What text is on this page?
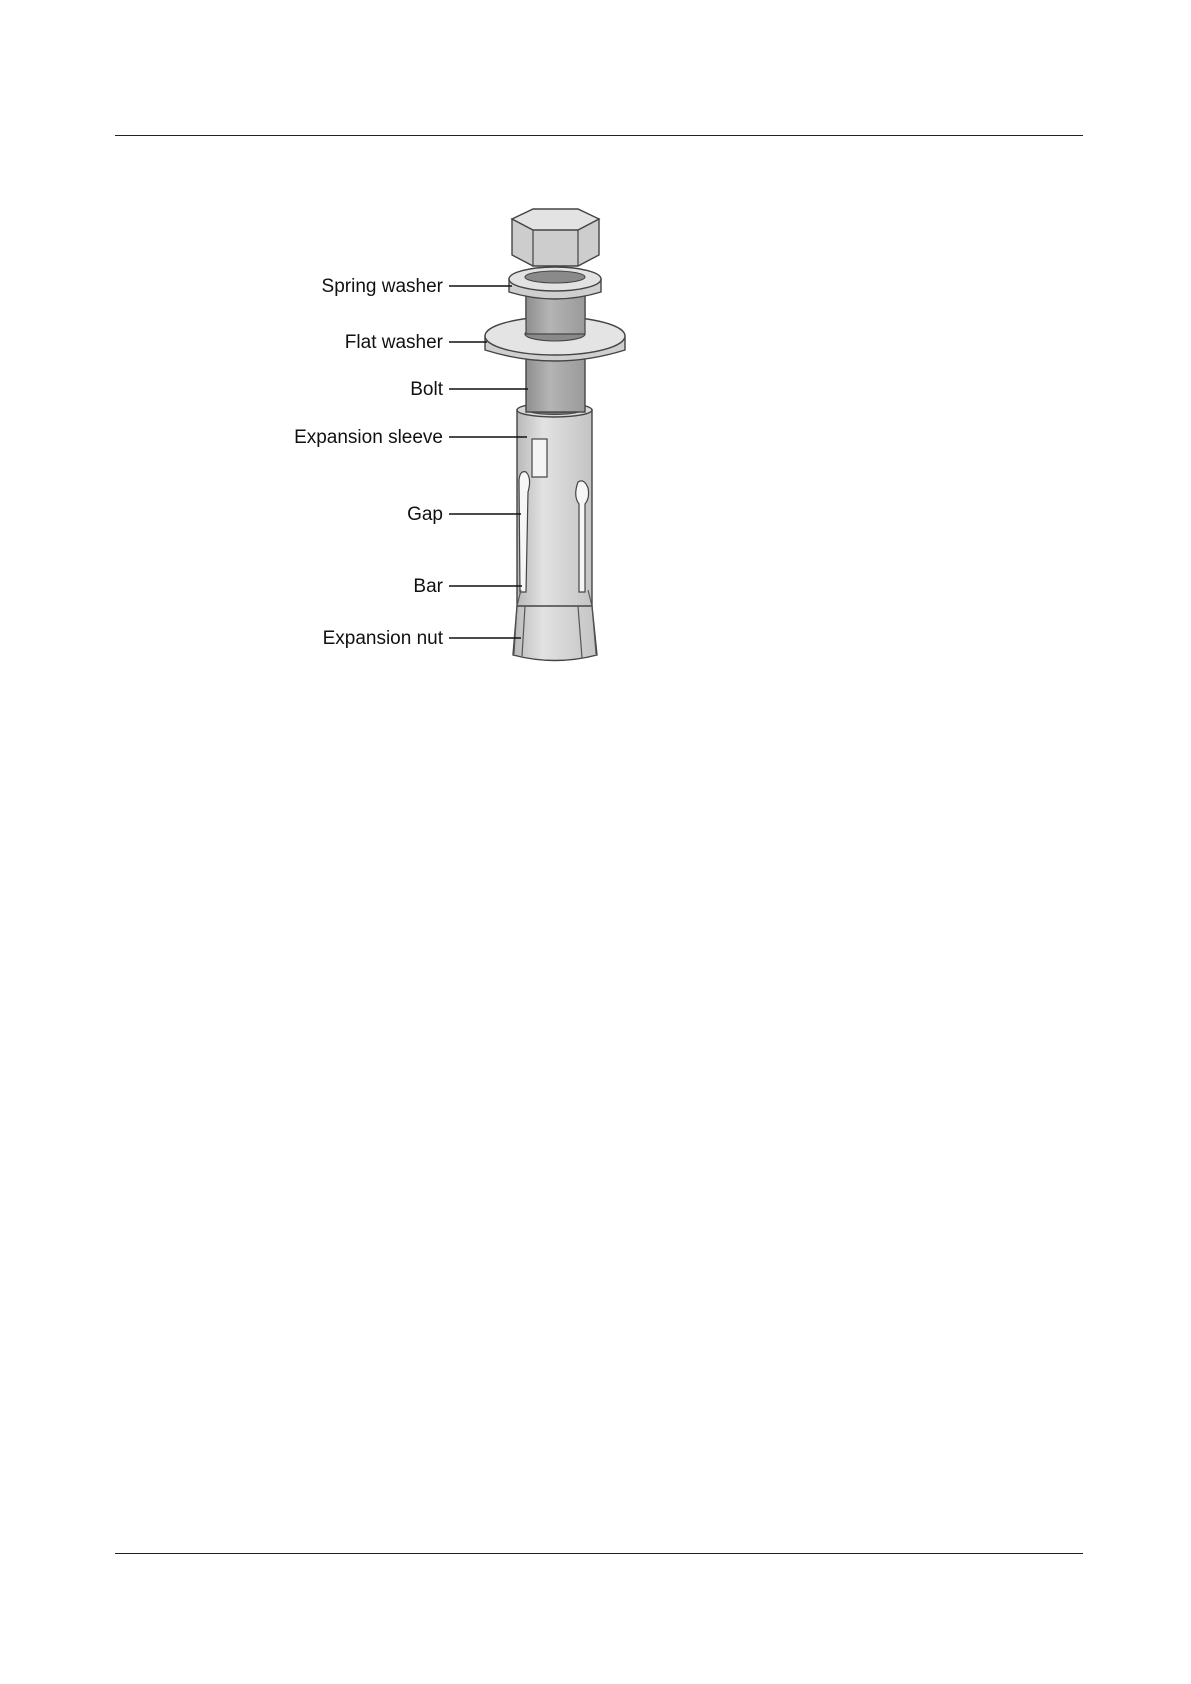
Spring washer
Flat washer
Bolt
Expansion sleeve
Gap
Bar
Expansion nut
